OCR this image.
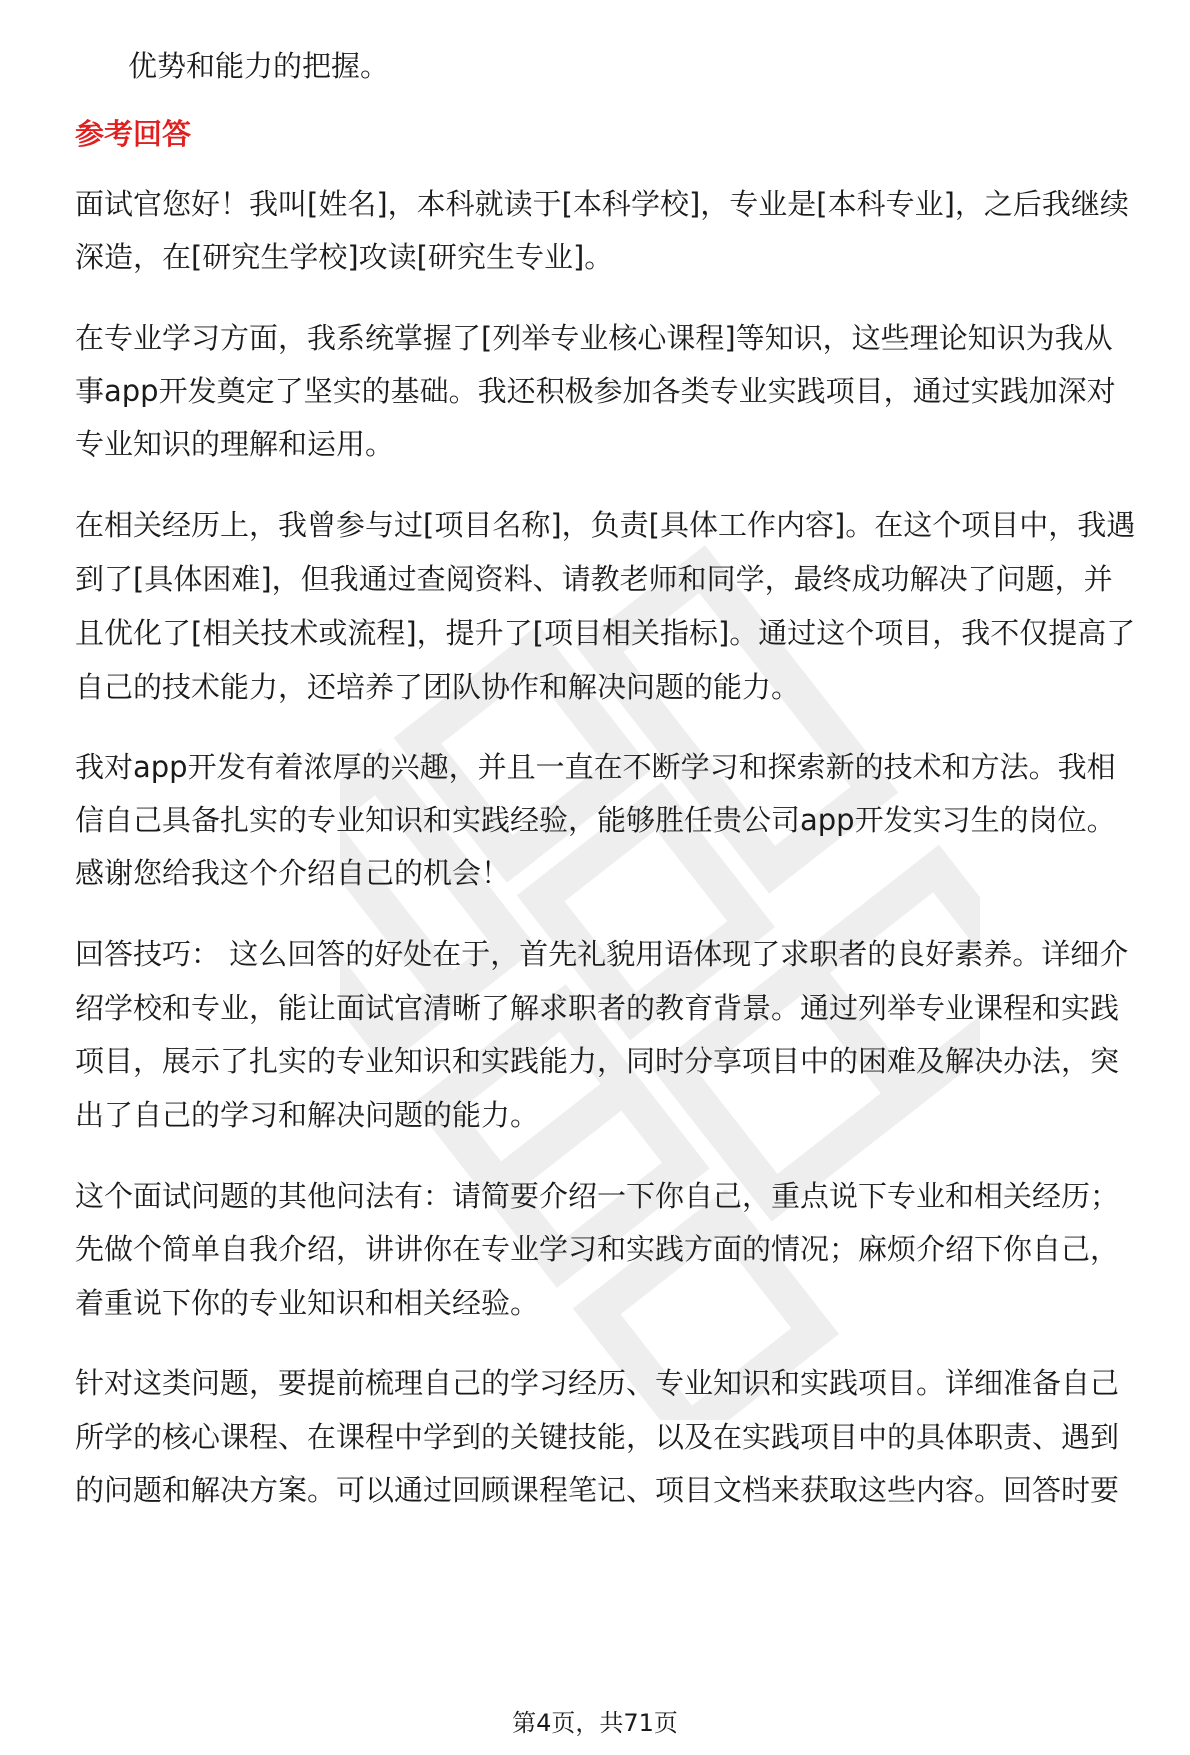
优势和能力的把握。
参考回答
面试官您好！我叫[姓名]，本科就读于[本科学校]，专业是[本科专业]，之后我继续
深造，在[研究生学校]攻读[研究生专业]。
在专业学习方面，我系统掌握了[列举专业核心课程]等知识，这些理论知识为我从
事app开发奠定了坚实的基础。我还积极参加各类专业实践项目，通过实践加深对
专业知识的理解和运用。
在相关经历上，我曾参与过[项目名称]，负责[具体工作内容]。在这个项目中，我遇
到了[具体困难]，但我通过查阅资料、请教老师和同学，最终成功解决了问题，并
且优化了[相关技术或流程]，提升了[项目相关指标]。通过这个项目，我不仅提高了
自己的技术能力，还培养了团队协作和解决问题的能力。
我对app开发有着浓厚的兴趣，并且一直在不断学习和探索新的技术和方法。我相
信自己具备扎实的专业知识和实践经验，能够胜任贵公司app开发实习生的岗位。
感谢您给我这个介绍自己的机会！
回答技巧： 这么回答的好处在于，首先礼貌用语体现了求职者的良好素养。详细介
绍学校和专业，能让面试官清晰了解求职者的教育背景。通过列举专业课程和实践
项目，展示了扎实的专业知识和实践能力，同时分享项目中的困难及解决办法，突
出了自己的学习和解决问题的能力。
这个面试问题的其他问法有：请简要介绍一下你自己，重点说下专业和相关经历；
先做个简单自我介绍，讲讲你在专业学习和实践方面的情况；麻烦介绍下你自己，
着重说下你的专业知识和相关经验。
针对这类问题，要提前梳理自己的学习经历、专业知识和实践项目。详细准备自己
所学的核心课程、在课程中学到的关键技能，以及在实践项目中的具体职责、遇到
的问题和解决方案。可以通过回顾课程笔记、项目文档来获取这些内容。回答时要
第4页，共71页
